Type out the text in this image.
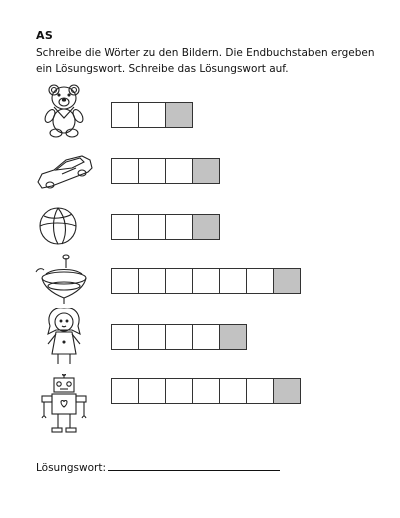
AS
Schreibe die Wörter zu den Bildern. Die Endbuchstaben ergeben
ein Lösungswort. Schreibe das Lösungswort auf.
Lösungswort:
